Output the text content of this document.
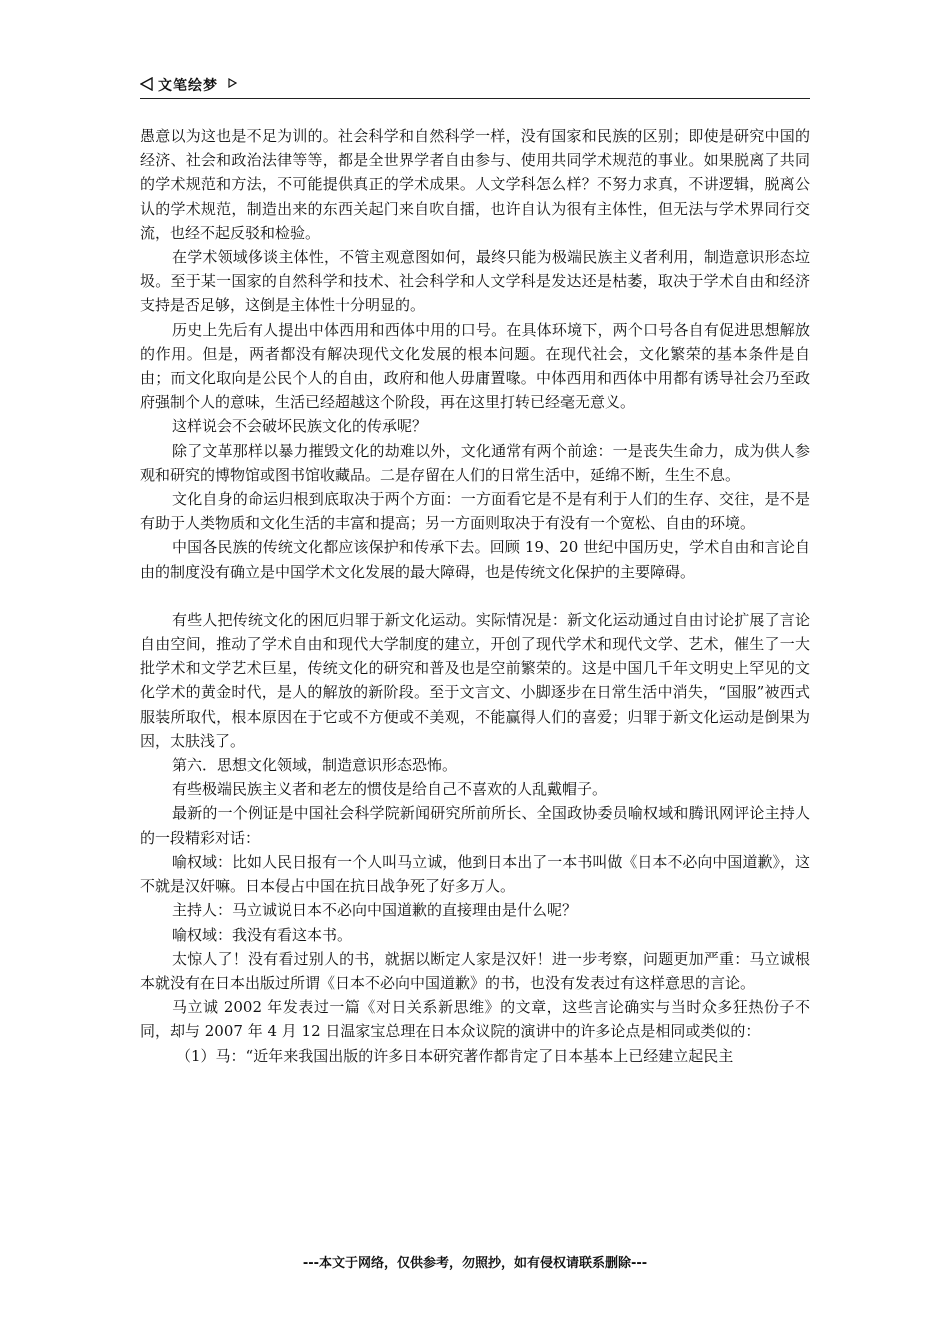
文笔绘梦

愚意以为这也是不足为训的。社会科学和自然科学一样，没有国家和民族的区别；即使是研究中国的经济、社会和政治法律等等，都是全世界学者自由参与、使用共同学术规范的事业。如果脱离了共同的学术规范和方法，不可能提供真正的学术成果。人文学科怎么样？不努力求真，不讲逻辑，脱离公认的学术规范，制造出来的东西关起门来自吹自擂，也许自认为很有主体性，但无法与学术界同行交流，也经不起反驳和检验。

在学术领域侈谈主体性，不管主观意图如何，最终只能为极端民族主义者利用，制造意识形态垃圾。至于某一国家的自然科学和技术、社会科学和人文学科是发达还是枯萎，取决于学术自由和经济支持是否足够，这倒是主体性十分明显的。

历史上先后有人提出中体西用和西体中用的口号。在具体环境下，两个口号各自有促进思想解放的作用。但是，两者都没有解决现代文化发展的根本问题。在现代社会，文化繁荣的基本条件是自由；而文化取向是公民个人的自由，政府和他人毋庸置喙。中体西用和西体中用都有诱导社会乃至政府强制个人的意味，生活已经超越这个阶段，再在这里打转已经毫无意义。

这样说会不会破坏民族文化的传承呢？

除了文革那样以暴力摧毁文化的劫难以外，文化通常有两个前途：一是丧失生命力，成为供人参观和研究的博物馆或图书馆收藏品。二是存留在人们的日常生活中，延绵不断，生生不息。

文化自身的命运归根到底取决于两个方面：一方面看它是不是有利于人们的生存、交往，是不是有助于人类物质和文化生活的丰富和提高；另一方面则取决于有没有一个宽松、自由的环境。

中国各民族的传统文化都应该保护和传承下去。回顾 19、20 世纪中国历史，学术自由和言论自由的制度没有确立是中国学术文化发展的最大障碍，也是传统文化保护的主要障碍。

有些人把传统文化的困厄归罪于新文化运动。实际情况是：新文化运动通过自由讨论扩展了言论自由空间，推动了学术自由和现代大学制度的建立，开创了现代学术和现代文学、艺术，催生了一大批学术和文学艺术巨星，传统文化的研究和普及也是空前繁荣的。这是中国几千年文明史上罕见的文化学术的黄金时代，是人的解放的新阶段。至于文言文、小脚逐步在日常生活中消失，“国服”被西式服装所取代，根本原因在于它或不方便或不美观，不能赢得人们的喜爱；归罪于新文化运动是倒果为因，太肤浅了。

第六．思想文化领域，制造意识形态恐怖。

有些极端民族主义者和老左的惯伎是给自己不喜欢的人乱戴帽子。

最新的一个例证是中国社会科学院新闻研究所前所长、全国政协委员喻权域和腾讯网评论主持人的一段精彩对话：

喻权域：比如人民日报有一个人叫马立诚，他到日本出了一本书叫做《日本不必向中国道歉》，这不就是汉奸嘛。日本侵占中国在抗日战争死了好多万人。

主持人：马立诚说日本不必向中国道歉的直接理由是什么呢？

喻权域：我没有看这本书。

太惊人了！没有看过别人的书，就据以断定人家是汉奸！进一步考察，问题更加严重：马立诚根本就没有在日本出版过所谓《日本不必向中国道歉》的书，也没有发表过有这样意思的言论。

马立诚 2002 年发表过一篇《对日关系新思维》的文章，这些言论确实与当时众多狂热份子不同，却与 2007 年 4 月 12 日温家宝总理在日本众议院的演讲中的许多论点是相同或类似的：

（1）马：“近年来我国出版的许多日本研究著作都肯定了日本基本上已经建立起民主

---本文于网络，仅供参考，勿照抄，如有侵权请联系删除---
